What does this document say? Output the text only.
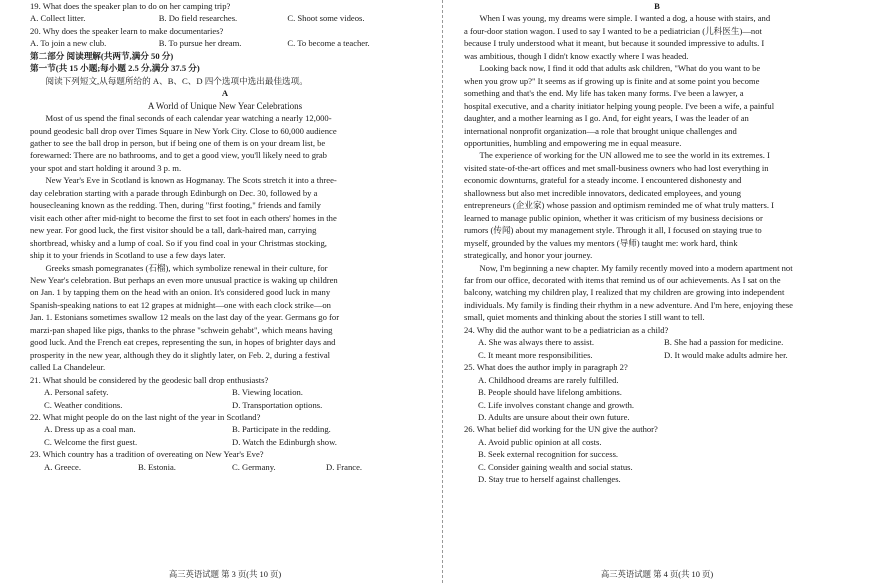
19. What does the speaker plan to do on her camping trip?
A. Collect litter.	B. Do field researches.	C. Shoot some videos.
20. Why does the speaker learn to make documentaries?
A. To join a new club.	B. To pursue her dream.	C. To become a teacher.
第二部分 阅读理解(共两节,满分 50 分)
第一节(共 15 小题;每小题 2.5 分,满分 37.5 分)
阅读下列短文,从每题所给的 A、B、C、D 四个选项中选出最佳选项。
A
A World of Unique New Year Celebrations
Most of us spend the final seconds of each calendar year watching a nearly 12,000-
pound geodesic ball drop over Times Square in New York City. Close to 60,000 audience
gather to see the ball drop in person, but if being one of them is on your dream list, be
forewarned: There are no bathrooms, and to get a good view, you'll likely need to grab
your spot and start holding it around 3 p. m.
New Year's Eve in Scotland is known as Hogmanay. The Scots stretch it into a three-
day celebration starting with a parade through Edinburgh on Dec. 30, followed by a
housecleaning known as the redding. Then, during "first footing," friends and family
visit each other after mid-night to become the first to set foot in each others' homes in the
new year. For good luck, the first visitor should be a tall, dark-haired man, carrying
shortbread, whisky and a lump of coal. So if you find coal in your Christmas stocking,
ship it to your friends in Scotland to use a few days later.
Greeks smash pomegranates (石榴), which symbolize renewal in their culture, for
New Year's celebration. But perhaps an even more unusual practice is waking up children
on Jan. 1 by tapping them on the head with an onion. It's considered good luck in many
Spanish-speaking nations to eat 12 grapes at midnight—one with each clock strike—on
Jan. 1. Estonians sometimes swallow 12 meals on the last day of the year. Germans go for
marzi-pan shaped like pigs, thanks to the phrase "schwein gehabt", which means having
good luck. And the French eat crepes, representing the sun, in hopes of brighter days and
prosperity in the new year, although they do it slightly later, on Feb. 2, during a festival
called La Chandeleur.
21. What should be considered by the geodesic ball drop enthusiasts?
A. Personal safety.	B. Viewing location.
C. Weather conditions.	D. Transportation options.
22. What might people do on the last night of the year in Scotland?
A. Dress up as a coal man.	B. Participate in the redding.
C. Welcome the first guest.	D. Watch the Edinburgh show.
23. Which country has a tradition of overeating on New Year's Eve?
A. Greece.	B. Estonia.	C. Germany.	D. France.
高三英语试题 第 3 页(共 10 页)
B
When I was young, my dreams were simple. I wanted a dog, a house with stairs, and
a four-door station wagon. I used to say I wanted to be a pediatrician (儿科医生)—not
because I truly understood what it meant, but because it sounded impressive to adults. I
was ambitious, though I didn't know exactly where I was headed.
Looking back now, I find it odd that adults ask children, "What do you want to be
when you grow up?" It seems as if growing up is finite and at some point you become
something and that's the end. My life has taken many forms. I've been a lawyer, a
hospital executive, and a charity initiator helping young people. I've been a wife, a painful
daughter, and a mother learning as I go. And, for eight years, I was the leader of an
international nonprofit organization—a role that brought unique challenges and
opportunities, humbling and empowering me in equal measure.
The experience of working for the UN allowed me to see the world in its extremes. I
visited state-of-the-art offices and met small-business owners who had lost everything in
economic downturns, grateful for a steady income. I encountered dishonesty and
shallowness but also met incredible innovators, dedicated employees, and young
entrepreneurs (企业家) whose passion and optimism reminded me of what truly matters. I
learned to manage public opinion, whether it was criticism of my business decisions or
rumors (传闻) about my management style. Through it all, I focused on staying true to
myself, grounded by the values my mentors (导师) taught me: work hard, think
strategically, and honor your journey.
Now, I'm beginning a new chapter. My family recently moved into a modern apartment not
far from our office, decorated with items that remind us of our achievements. As I sat on the
balcony, watching my children play, I realized that my children are growing into independent
individuals. My family is finding their rhythm in a new adventure. And I'm here, enjoying these
small, quiet moments and thinking about the stories I still want to tell.
24. Why did the author want to be a pediatrician as a child?
A. She was always there to assist.	B. She had a passion for medicine.
C. It meant more responsibilities.	D. It would make adults admire her.
25. What does the author imply in paragraph 2?
A. Childhood dreams are rarely fulfilled.
B. People should have lifelong ambitions.
C. Life involves constant change and growth.
D. Adults are unsure about their own future.
26. What belief did working for the UN give the author?
A. Avoid public opinion at all costs.
B. Seek external recognition for success.
C. Consider gaining wealth and social status.
D. Stay true to herself against challenges.
高三英语试题 第 4 页(共 10 页)
